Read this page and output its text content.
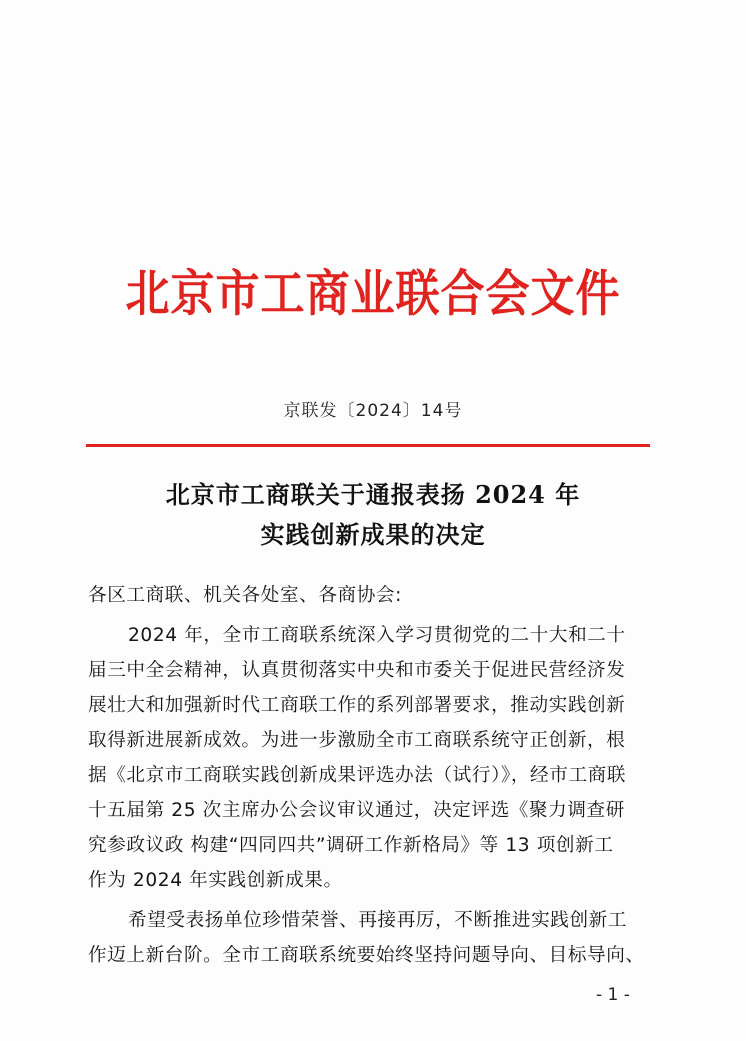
北京市工商业联合会文件
京联发〔2024〕14号
北京市工商联关于通报表扬 2024 年
实践创新成果的决定
各区工商联、机关各处室、各商协会:
2024 年，全市工商联系统深入学习贯彻党的二十大和二十
届三中全会精神，认真贯彻落实中央和市委关于促进民营经济发
展壮大和加强新时代工商联工作的系列部署要求，推动实践创新
取得新进展新成效。为进一步激励全市工商联系统守正创新，根
据《北京市工商联实践创新成果评选办法（试行）》，经市工商联
十五届第 25 次主席办公会议审议通过，决定评选《聚力调查研
究参政议政 构建“四同四共”调研工作新格局》等 13 项创新工
作为 2024 年实践创新成果。
希望受表扬单位珍惜荣誉、再接再厉，不断推进实践创新工
作迈上新台阶。全市工商联系统要始终坚持问题导向、目标导向、
- 1 -
